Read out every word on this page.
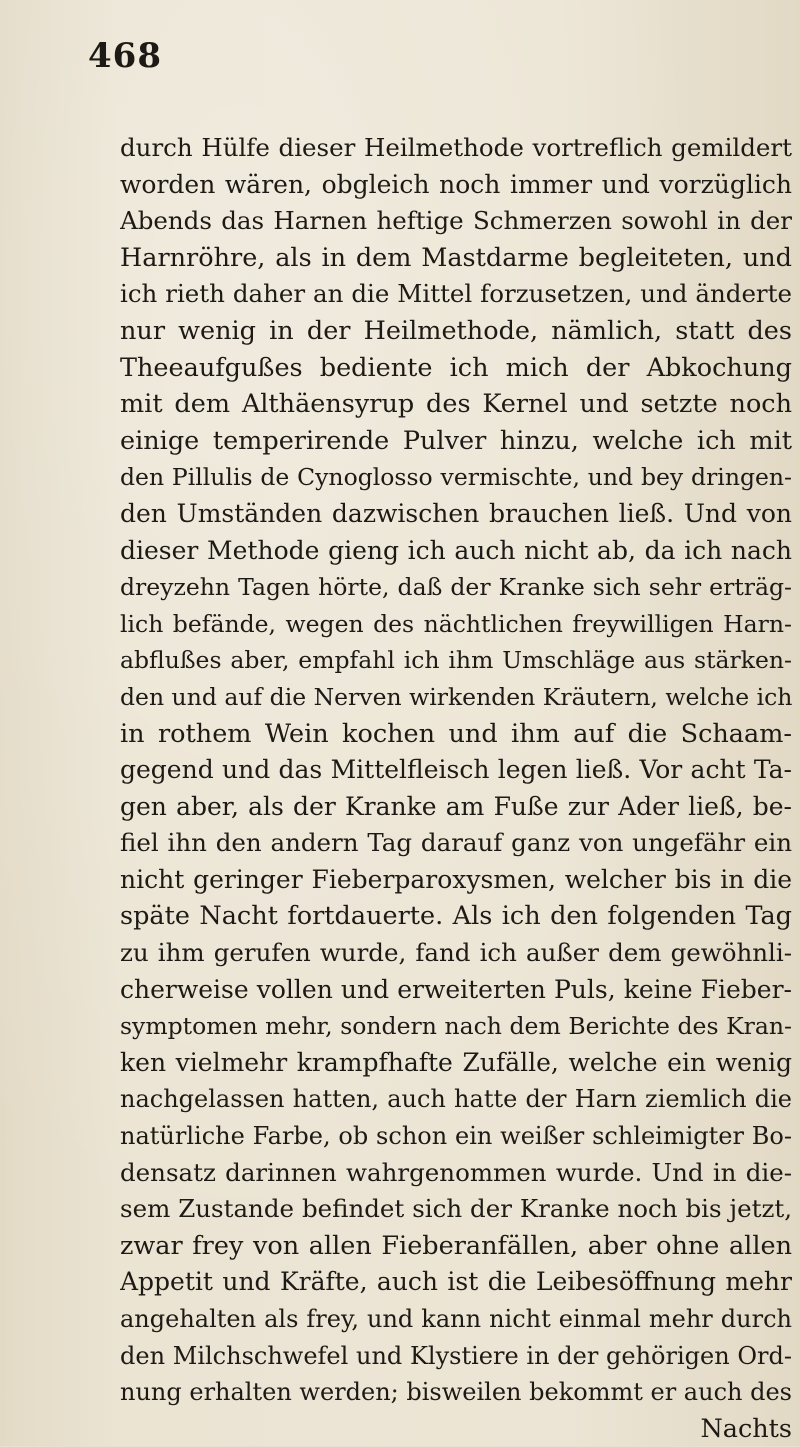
468
durch Hülfe dieser Heilmethode vortreflich gemildert
worden wären, obgleich noch immer und vorzüglich
Abends das Harnen heftige Schmerzen sowohl in der
Harnröhre, als in dem Mastdarme begleiteten, und
ich rieth daher an die Mittel forzusetzen, und änderte
nur wenig in der Heilmethode, nämlich, statt des
Theeaufgußes bediente ich mich der Abkochung
mit dem Althäensyrup des Kernel und setzte noch
einige temperirende Pulver hinzu, welche ich mit
den Pillulis de Cynoglosso vermischte, und bey dringen-
den Umständen dazwischen brauchen ließ. Und von
dieser Methode gieng ich auch nicht ab, da ich nach
dreyzehn Tagen hörte, daß der Kranke sich sehr erträg-
lich befände, wegen des nächtlichen freywilligen Harn-
abflußes aber, empfahl ich ihm Umschläge aus stärken-
den und auf die Nerven wirkenden Kräutern, welche ich
in rothem Wein kochen und ihm auf die Schaam-
gegend und das Mittelfleisch legen ließ. Vor acht Ta-
gen aber, als der Kranke am Fuße zur Ader ließ, be-
fiel ihn den andern Tag darauf ganz von ungefähr ein
nicht geringer Fieberparoxysmen, welcher bis in die
späte Nacht fortdauerte. Als ich den folgenden Tag
zu ihm gerufen wurde, fand ich außer dem gewöhnli-
cherweise vollen und erweiterten Puls, keine Fieber-
symptomen mehr, sondern nach dem Berichte des Kran-
ken vielmehr krampfhafte Zufälle, welche ein wenig
nachgelassen hatten, auch hatte der Harn ziemlich die
natürliche Farbe, ob schon ein weißer schleimigter Bo-
densatz darinnen wahrgenommen wurde. Und in die-
sem Zustande befindet sich der Kranke noch bis jetzt,
zwar frey von allen Fieberanfällen, aber ohne allen
Appetit und Kräfte, auch ist die Leibesöffnung mehr
angehalten als frey, und kann nicht einmal mehr durch
den Milchschwefel und Klystiere in der gehörigen Ord-
nung erhalten werden; bisweilen bekommt er auch des
Nachts
